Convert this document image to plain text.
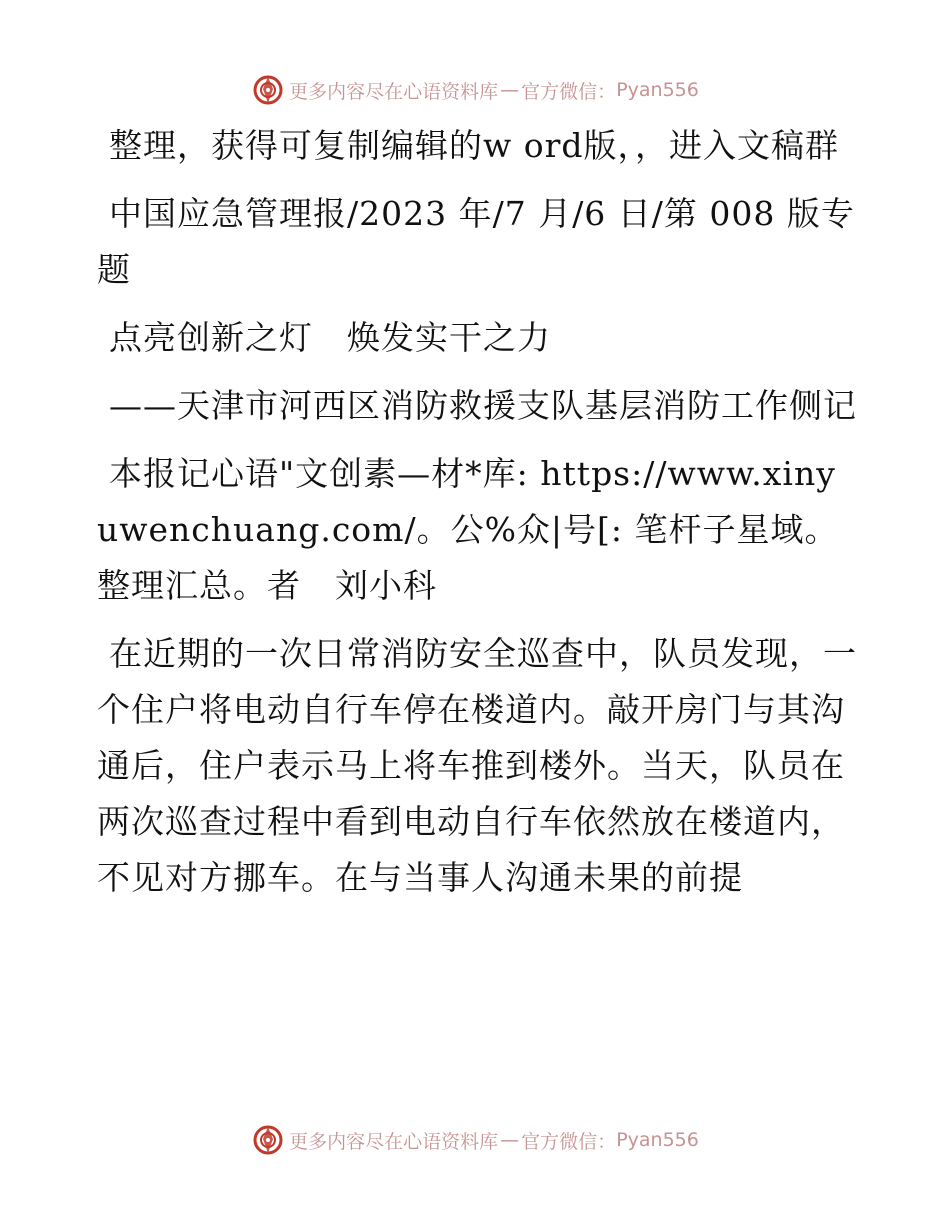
更多内容尽在心语资料库 — 官方微信： Pyan556

整理，获得可复制编辑的w ord版，，进入文稿群

中国应急管理报/2023 年/7 月/6 日/第 008 版专题

点亮创新之灯　焕发实干之力

——天津市河西区消防救援支队基层消防工作侧记

本报记心语"文创素—材*库: https://www.xinyuwenchuang.com/。公%众|号[: 笔杆子星域。整理汇总。者　刘小科

在近期的一次日常消防安全巡查中，队员发现，一个住户将电动自行车停在楼道内。敲开房门与其沟通后，住户表示马上将车推到楼外。当天，队员在两次巡查过程中看到电动自行车依然放在楼道内，不见对方挪车。在与当事人沟通未果的前提

更多内容尽在心语资料库 — 官方微信： Pyan556
